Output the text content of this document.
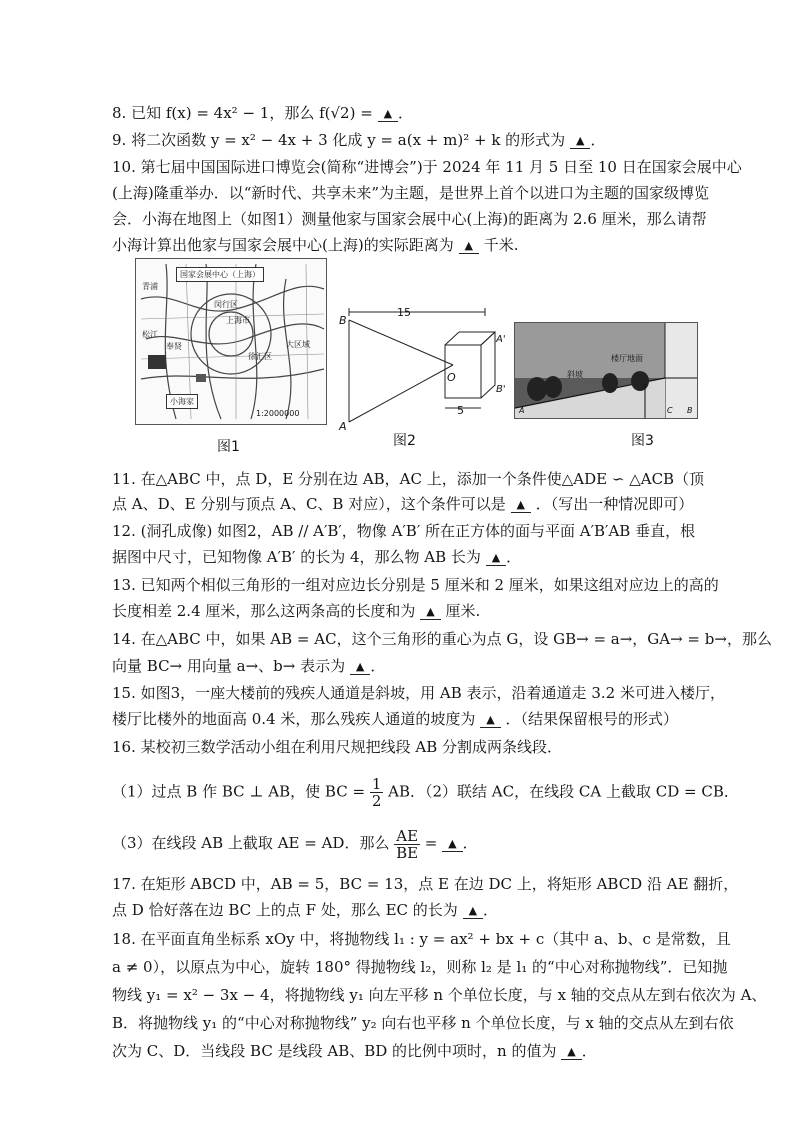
8. 已知 f(x) = 4x² − 1，那么 f(√2) = ▲ ．
9. 将二次函数 y = x² − 4x + 3 化成 y = a(x + m)² + k 的形式为 ▲ ．
10. 第七届中国国际进口博览会(简称“进博会”)于 2024 年 11 月 5 日至 10 日在国家会展中心
(上海)隆重举办．以“新时代、共享未来”为主题，是世界上首个以进口为主题的国家级博览
会．小海在地图上（如图1）测量他家与国家会展中心(上海)的距离为 2.6 厘米，那么请帮
小海计算出他家与国家会展中心(上海)的实际距离为 ▲ 千米.
国家会展中心（上海）
青浦
闵行区
上海市
奉贤
松江
大区域
徐汇区
小海家
1:2000000
图1
15
5
B
A
O
A'
B'
图2
楼厅地面
斜坡
A	B
C
图3
11. 在△ABC 中，点 D，E 分别在边 AB，AC 上，添加一个条件使△ADE ∽ △ACB（顶
点 A、D、E 分别与顶点 A、C、B 对应），这个条件可以是 ▲ ．（写出一种情况即可）
12. (洞孔成像) 如图2，AB // A′B′，物像 A′B′ 所在正方体的面与平面 A′B′AB 垂直，根
据图中尺寸，已知物像 A′B′ 的长为 4，那么物 AB 长为 ▲ ．
13. 已知两个相似三角形的一组对应边长分别是 5 厘米和 2 厘米，如果这组对应边上的高的
长度相差 2.4 厘米，那么这两条高的长度和为 ▲ 厘米.
14. 在△ABC 中，如果 AB = AC，这个三角形的重心为点 G，设 GB→ = a→，GA→ = b→，那么
向量 BC→ 用向量 a→、b→ 表示为 ▲ ．
15. 如图3，一座大楼前的残疾人通道是斜坡，用 AB 表示，沿着通道走 3.2 米可进入楼厅，
楼厅比楼外的地面高 0.4 米，那么残疾人通道的坡度为 ▲ ．（结果保留根号的形式）
16. 某校初三数学活动小组在利用尺规把线段 AB 分割成两条线段．
（1）过点 B 作 BC ⊥ AB，使 BC = $\frac{1}{2}$ AB．（2）联结 AC，在线段 CA 上截取 CD = CB．
（3）在线段 AB 上截取 AE = AD．那么 $\frac{AE}{BE}$ = ▲ ．
17. 在矩形 ABCD 中，AB = 5，BC = 13，点 E 在边 DC 上，将矩形 ABCD 沿 AE 翻折，
点 D 恰好落在边 BC 上的点 F 处，那么 EC 的长为 ▲ ．
18. 在平面直角坐标系 xOy 中，将抛物线 l₁ : y = ax² + bx + c（其中 a、b、c 是常数，且
a ≠ 0），以原点为中心，旋转 180° 得抛物线 l₂，则称 l₂ 是 l₁ 的“中心对称抛物线”．已知抛
物线 y₁ = x² − 3x − 4，将抛物线 y₁ 向左平移 n 个单位长度，与 x 轴的交点从左到右依次为 A、
B．将抛物线 y₁ 的“中心对称抛物线” y₂ 向右也平移 n 个单位长度，与 x 轴的交点从左到右依
次为 C、D．当线段 BC 是线段 AB、BD 的比例中项时，n 的值为 ▲ ．
